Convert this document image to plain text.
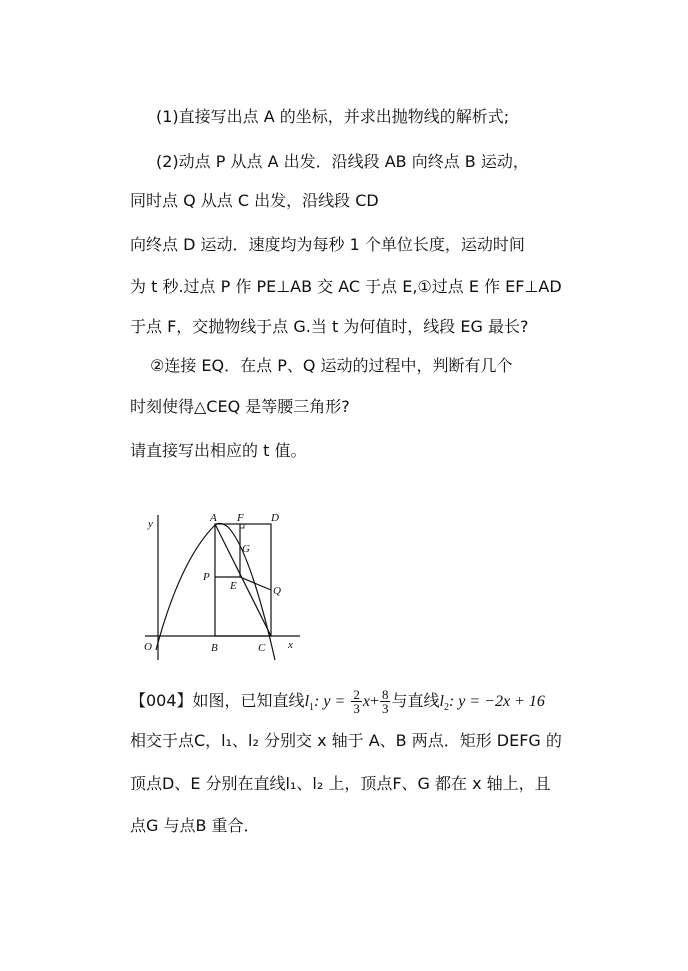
(1)直接写出点 A 的坐标，并求出抛物线的解析式;
(2)动点 P 从点 A 出发．沿线段 AB 向终点 B 运动，
同时点 Q 从点 C 出发，沿线段 CD
向终点 D 运动．速度均为每秒 1 个单位长度，运动时间
为 t 秒.过点 P 作 PE⊥AB 交 AC 于点 E,①过点 E 作 EF⊥AD
于点 F，交抛物线于点 G.当 t 为何值时，线段 EG 最长?
②连接 EQ．在点 P、Q 运动的过程中，判断有几个
时刻使得△CEQ 是等腰三角形?
请直接写出相应的 t 值。
y	A F D
G
P
E	Q
O	B	C x
【004】如图，已知直线$l_1$: $y = \frac{2}{3} x+ \frac{8}{3}$ 与直线$l_2$: y = −2x + 16
相交于点C，l₁、l₂ 分别交 x 轴于 A、B 两点．矩形 DEFG 的
顶点D、E 分别在直线l₁、l₂ 上，顶点F、G 都在 x 轴上，且
点G 与点B 重合．
